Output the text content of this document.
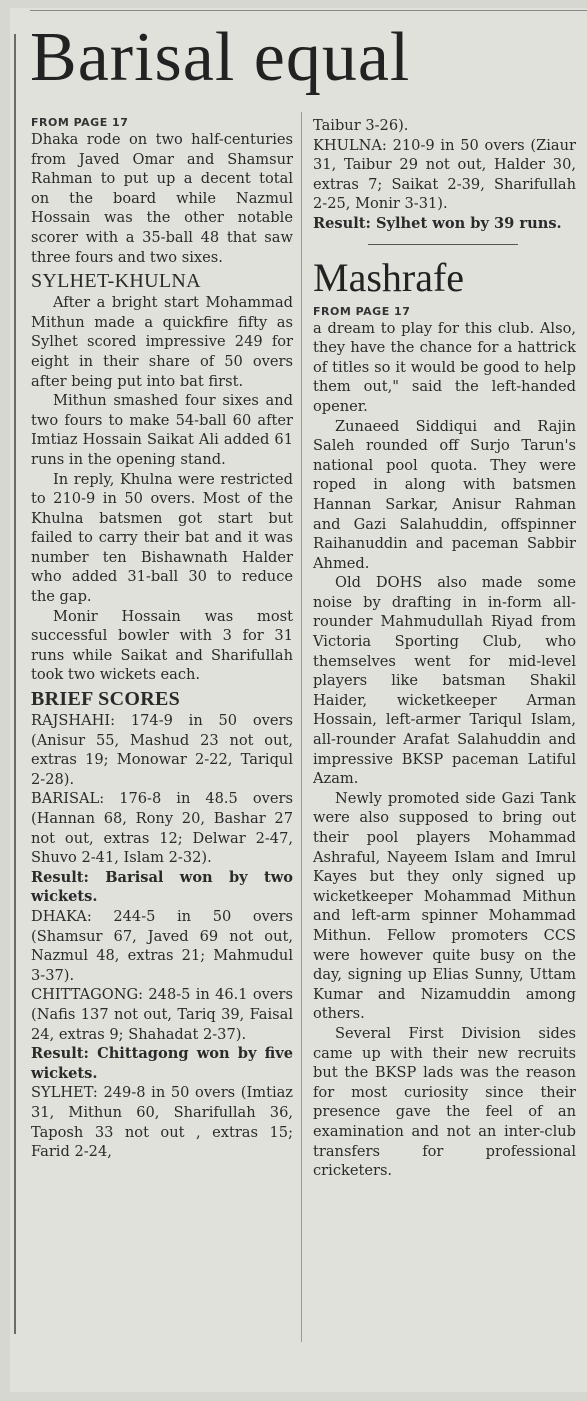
Barisal equal
FROM PAGE 17

Dhaka rode on two half-centuries from Javed Omar and Shamsur Rahman to put up a decent total on the board while Nazmul Hossain was the other notable scorer with a 35-ball 48 that saw three fours and two sixes.

SYLHET-KHULNA

After a bright start Mohammad Mithun made a quickfire fifty as Sylhet scored impressive 249 for eight in their share of 50 overs after being put into bat first.

Mithun smashed four sixes and two fours to make 54-ball 60 after Imtiaz Hossain Saikat Ali added 61 runs in the opening stand.

In reply, Khulna were restricted to 210-9 in 50 overs. Most of the Khulna batsmen got start but failed to carry their bat and it was number ten Bishawnath Halder who added 31-ball 30 to reduce the gap.

Monir Hossain was most successful bowler with 3 for 31 runs while Saikat and Sharifullah took two wickets each.

BRIEF SCORES

RAJSHAHI: 174-9 in 50 overs (Anisur 55, Mashud 23 not out, extras 19; Monowar 2-22, Tariqul 2-28).

BARISAL: 176-8 in 48.5 overs (Hannan 68, Rony 20, Bashar 27 not out, extras 12; Delwar 2-47, Shuvo 2-41, Islam 2-32).

Result: Barisal won by two wickets.

DHAKA: 244-5 in 50 overs (Shamsur 67, Javed 69 not out, Nazmul 48, extras 21; Mahmudul 3-37).

CHITTAGONG: 248-5 in 46.1 overs (Nafis 137 not out, Tariq 39, Faisal 24, extras 9; Shahadat 2-37).

Result: Chittagong won by five wickets.

SYLHET: 249-8 in 50 overs (Imtiaz 31, Mithun 60, Sharifullah 36, Taposh 33 not out , extras 15; Farid 2-24,

Taibur 3-26).

KHULNA: 210-9 in 50 overs (Ziaur 31, Taibur 29 not out, Halder 30, extras 7; Saikat 2-39, Sharifullah 2-25, Monir 3-31).

Result: Sylhet won by 39 runs.

Mashrafe
FROM PAGE 17

a dream to play for this club. Also, they have the chance for a hattrick of titles so it would be good to help them out," said the left-handed opener.

Zunaeed Siddiqui and Rajin Saleh rounded off Surjo Tarun's national pool quota. They were roped in along with batsmen Hannan Sarkar, Anisur Rahman and Gazi Salahuddin, offspinner Raihanuddin and paceman Sabbir Ahmed.

Old DOHS also made some noise by drafting in in-form all-rounder Mahmudullah Riyad from Victoria Sporting Club, who themselves went for mid-level players like batsman Shakil Haider, wicketkeeper Arman Hossain, left-armer Tariqul Islam, all-rounder Arafat Salahuddin and impressive BKSP paceman Latiful Azam.

Newly promoted side Gazi Tank were also supposed to bring out their pool players Mohammad Ashraful, Nayeem Islam and Imrul Kayes but they only signed up wicketkeeper Mohammad Mithun and left-arm spinner Mohammad Mithun. Fellow promoters CCS were however quite busy on the day, signing up Elias Sunny, Uttam Kumar and Nizamuddin among others.

Several First Division sides came up with their new recruits but the BKSP lads was the reason for most curiosity since their presence gave the feel of an examination and not an inter-club transfers for professional cricketers.
